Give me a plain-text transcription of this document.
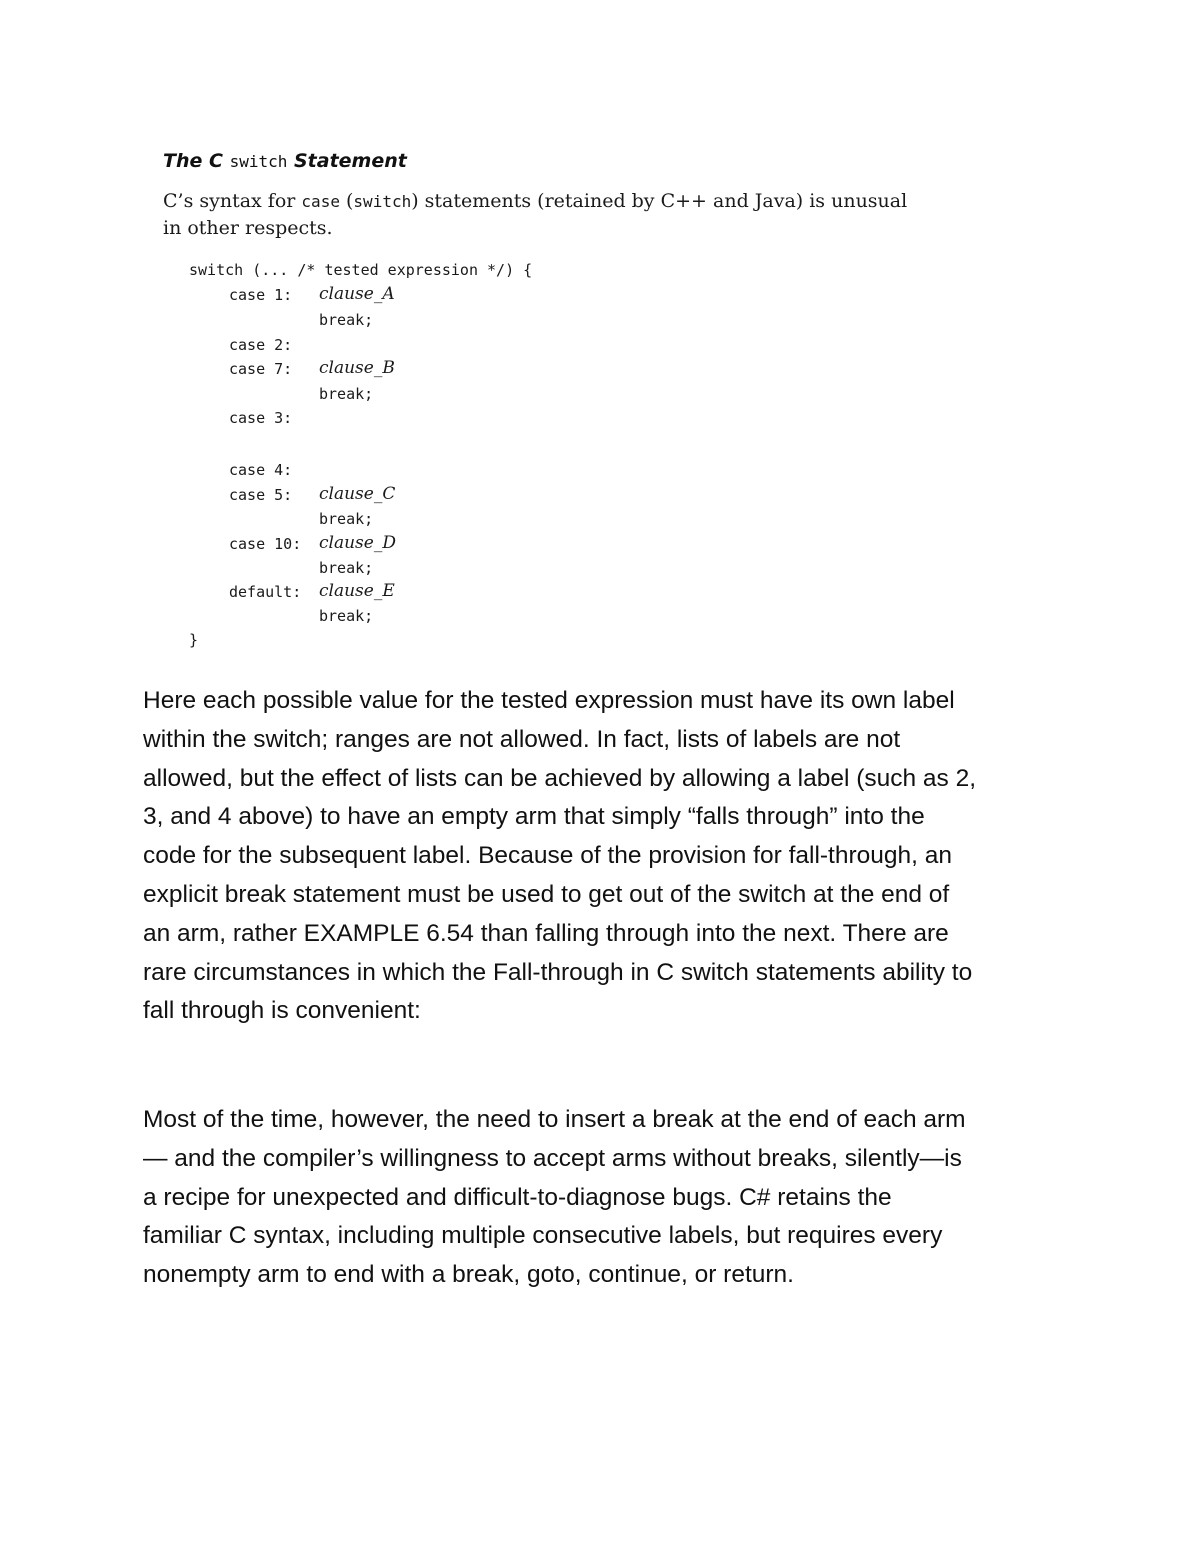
The C switch Statement
C’s syntax for case (switch) statements (retained by C++ and Java) is unusual
in other respects.
switch (... /* tested expression */) {
case 1: clause_A
break;
case 2:
case 7: clause_B
break;
case 3:
case 4:
case 5: clause_C
break;
case 10: clause_D
break;
default: clause_E
break;
}
Here each possible value for the tested expression must have its own label
within the switch; ranges are not allowed. In fact, lists of labels are not
allowed, but the effect of lists can be achieved by allowing a label (such as 2,
3, and 4 above) to have an empty arm that simply “falls through” into the
code for the subsequent label. Because of the provision for fall-through, an
explicit break statement must be used to get out of the switch at the end of
an arm, rather EXAMPLE 6.54 than falling through into the next. There are
rare circumstances in which the Fall-through in C switch statements ability to
fall through is convenient:
Most of the time, however, the need to insert a break at the end of each arm
— and the compiler’s willingness to accept arms without breaks, silently—is
a recipe for unexpected and difficult-to-diagnose bugs. C# retains the
familiar C syntax, including multiple consecutive labels, but requires every
nonempty arm to end with a break, goto, continue, or return.
